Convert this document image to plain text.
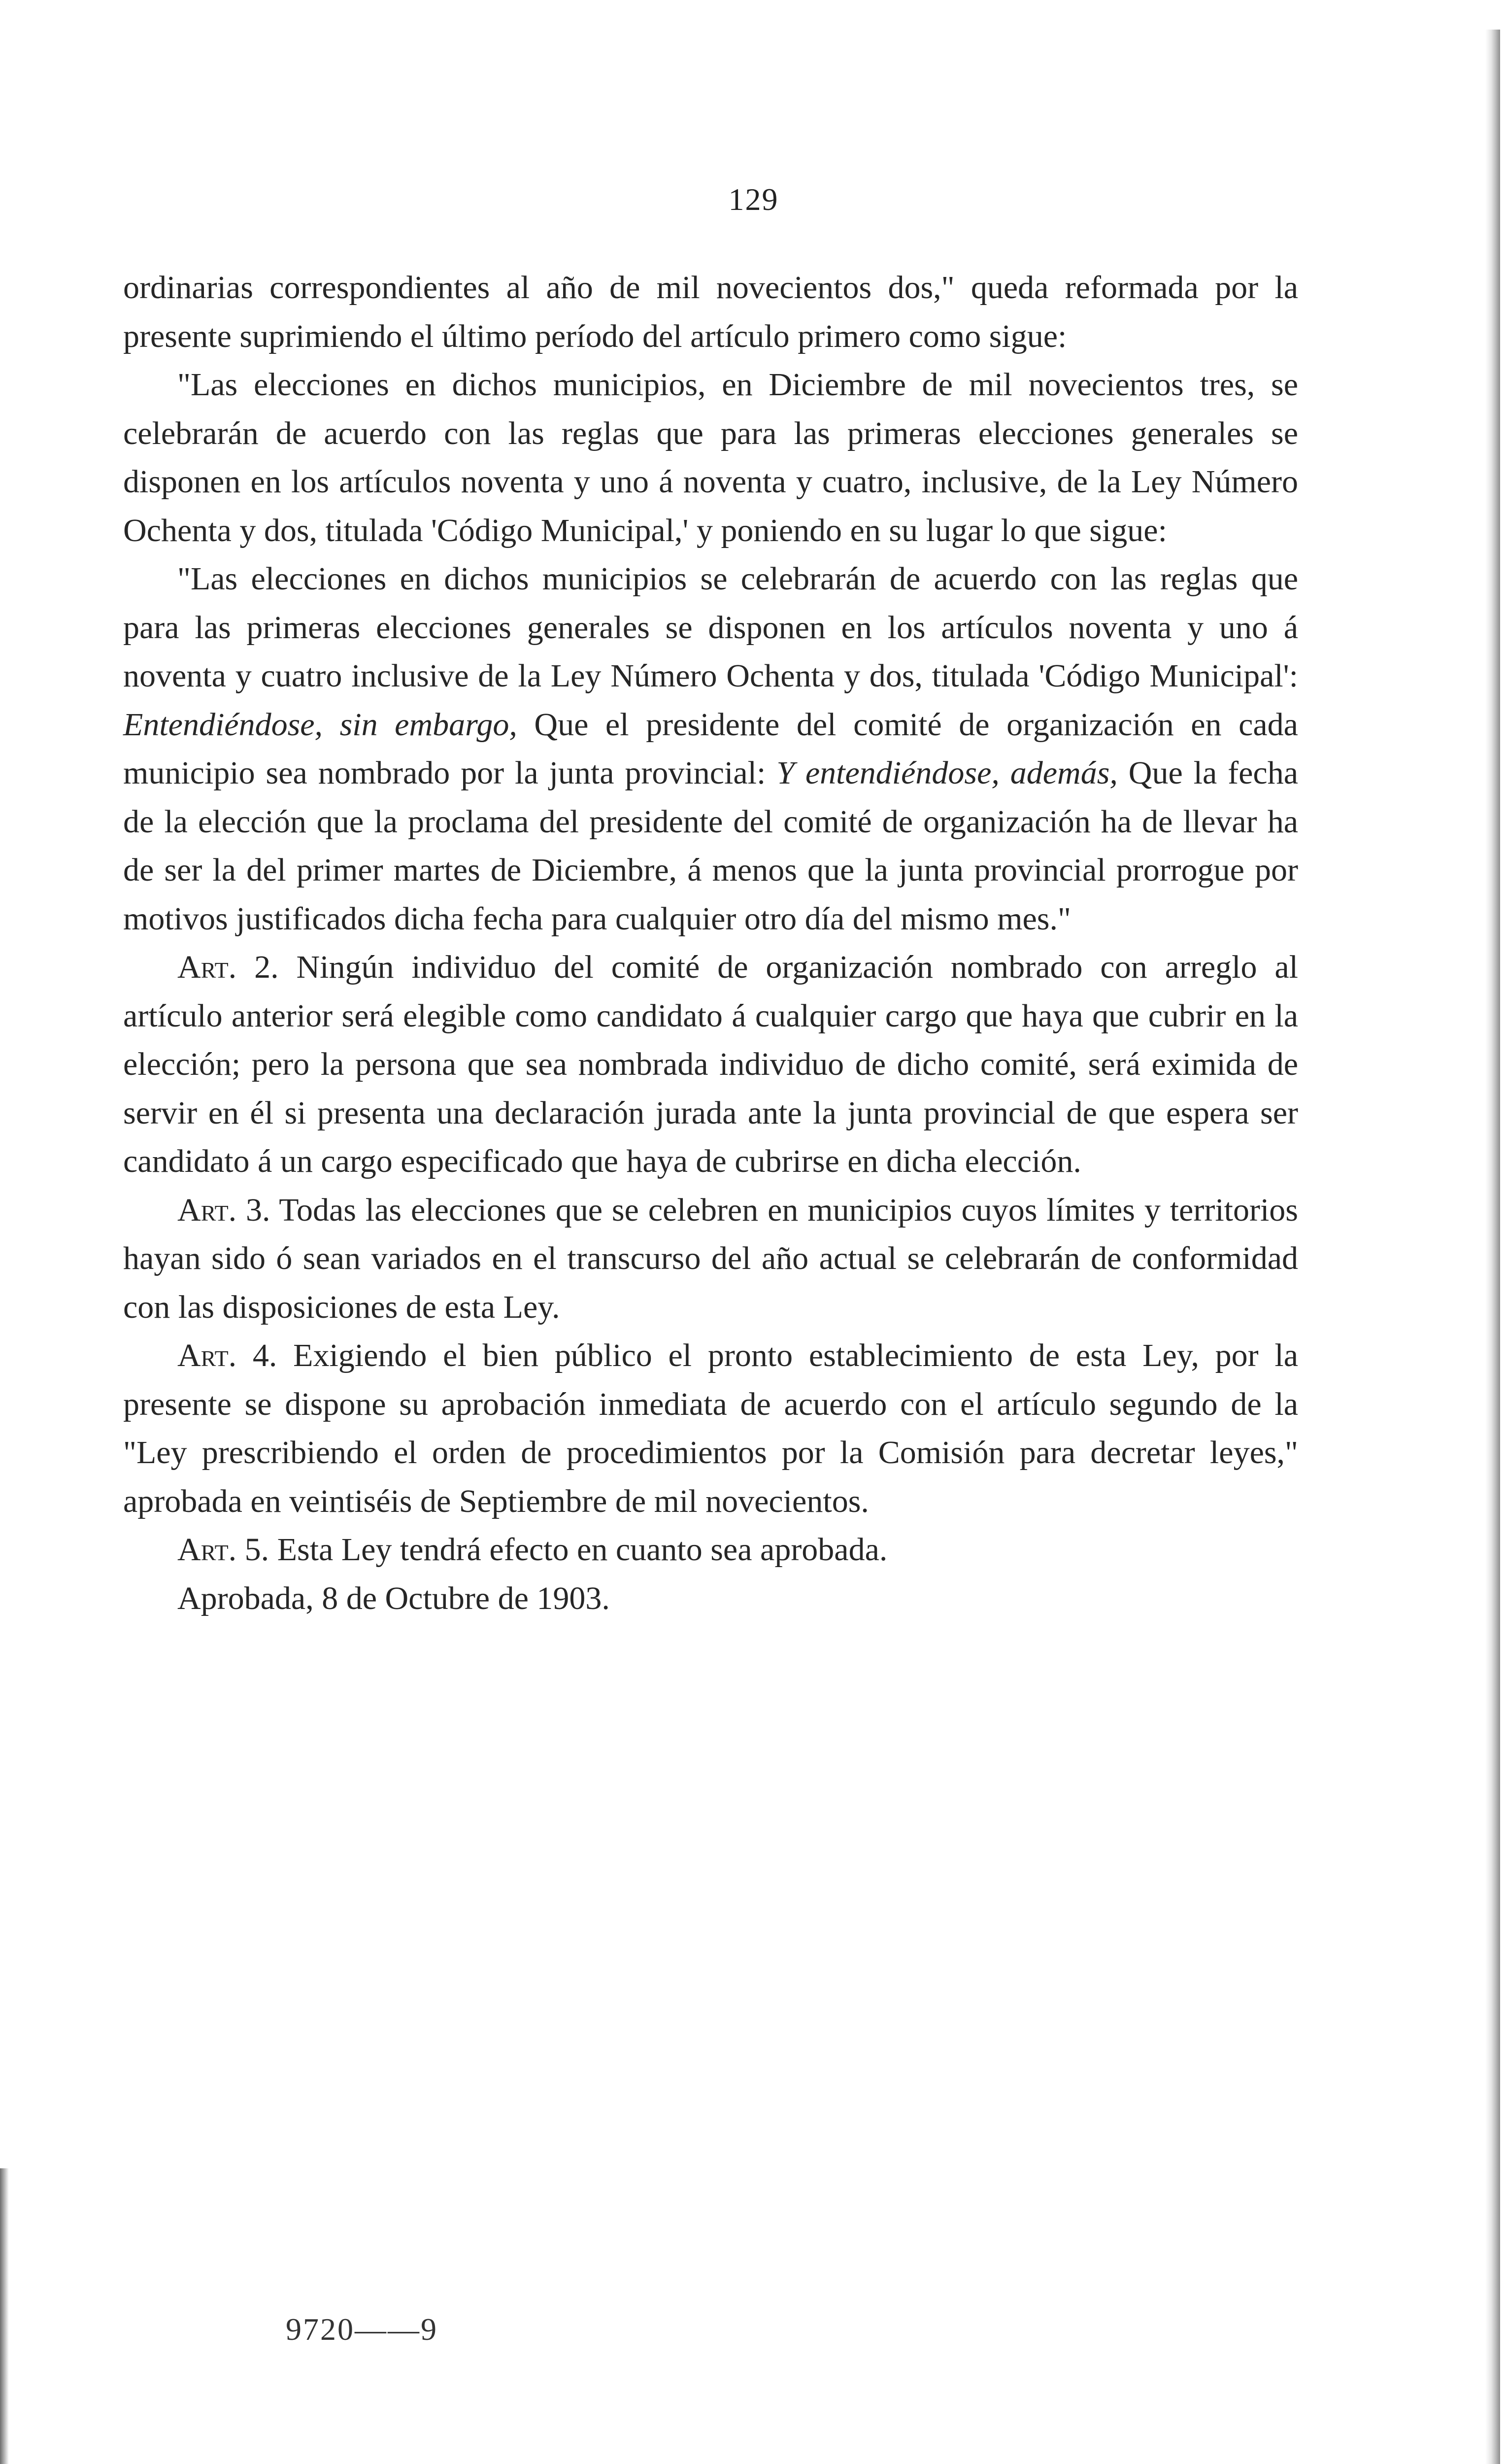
129

ordinarias correspondientes al año de mil novecientos dos," queda reformada por la presente suprimiendo el último período del artículo primero como sigue:

"Las elecciones en dichos municipios, en Diciembre de mil novecientos tres, se celebrarán de acuerdo con las reglas que para las primeras elecciones generales se disponen en los artículos noventa y uno á noventa y cuatro, inclusive, de la Ley Número Ochenta y dos, titulada 'Código Municipal,' y poniendo en su lugar lo que sigue:

"Las elecciones en dichos municipios se celebrarán de acuerdo con las reglas que para las primeras elecciones generales se disponen en los artículos noventa y uno á noventa y cuatro inclusive de la Ley Número Ochenta y dos, titulada 'Código Municipal': Entendiéndose, sin embargo, Que el presidente del comité de organización en cada municipio sea nombrado por la junta provincial: Y entendiéndose, además, Que la fecha de la elección que la proclama del presidente del comité de organización ha de llevar ha de ser la del primer martes de Diciembre, á menos que la junta provincial prorrogue por motivos justificados dicha fecha para cualquier otro día del mismo mes."

Art. 2. Ningún individuo del comité de organización nombrado con arreglo al artículo anterior será elegible como candidato á cualquier cargo que haya que cubrir en la elección; pero la persona que sea nombrada individuo de dicho comité, será eximida de servir en él si presenta una declaración jurada ante la junta provincial de que espera ser candidato á un cargo especificado que haya de cubrirse en dicha elección.

Art. 3. Todas las elecciones que se celebren en municipios cuyos límites y territorios hayan sido ó sean variados en el transcurso del año actual se celebrarán de conformidad con las disposiciones de esta Ley.

Art. 4. Exigiendo el bien público el pronto establecimiento de esta Ley, por la presente se dispone su aprobación inmediata de acuerdo con el artículo segundo de la "Ley prescribiendo el orden de procedimientos por la Comisión para decretar leyes," aprobada en veintiséis de Septiembre de mil novecientos.

Art. 5. Esta Ley tendrá efecto en cuanto sea aprobada.

Aprobada, 8 de Octubre de 1903.

9720——9
